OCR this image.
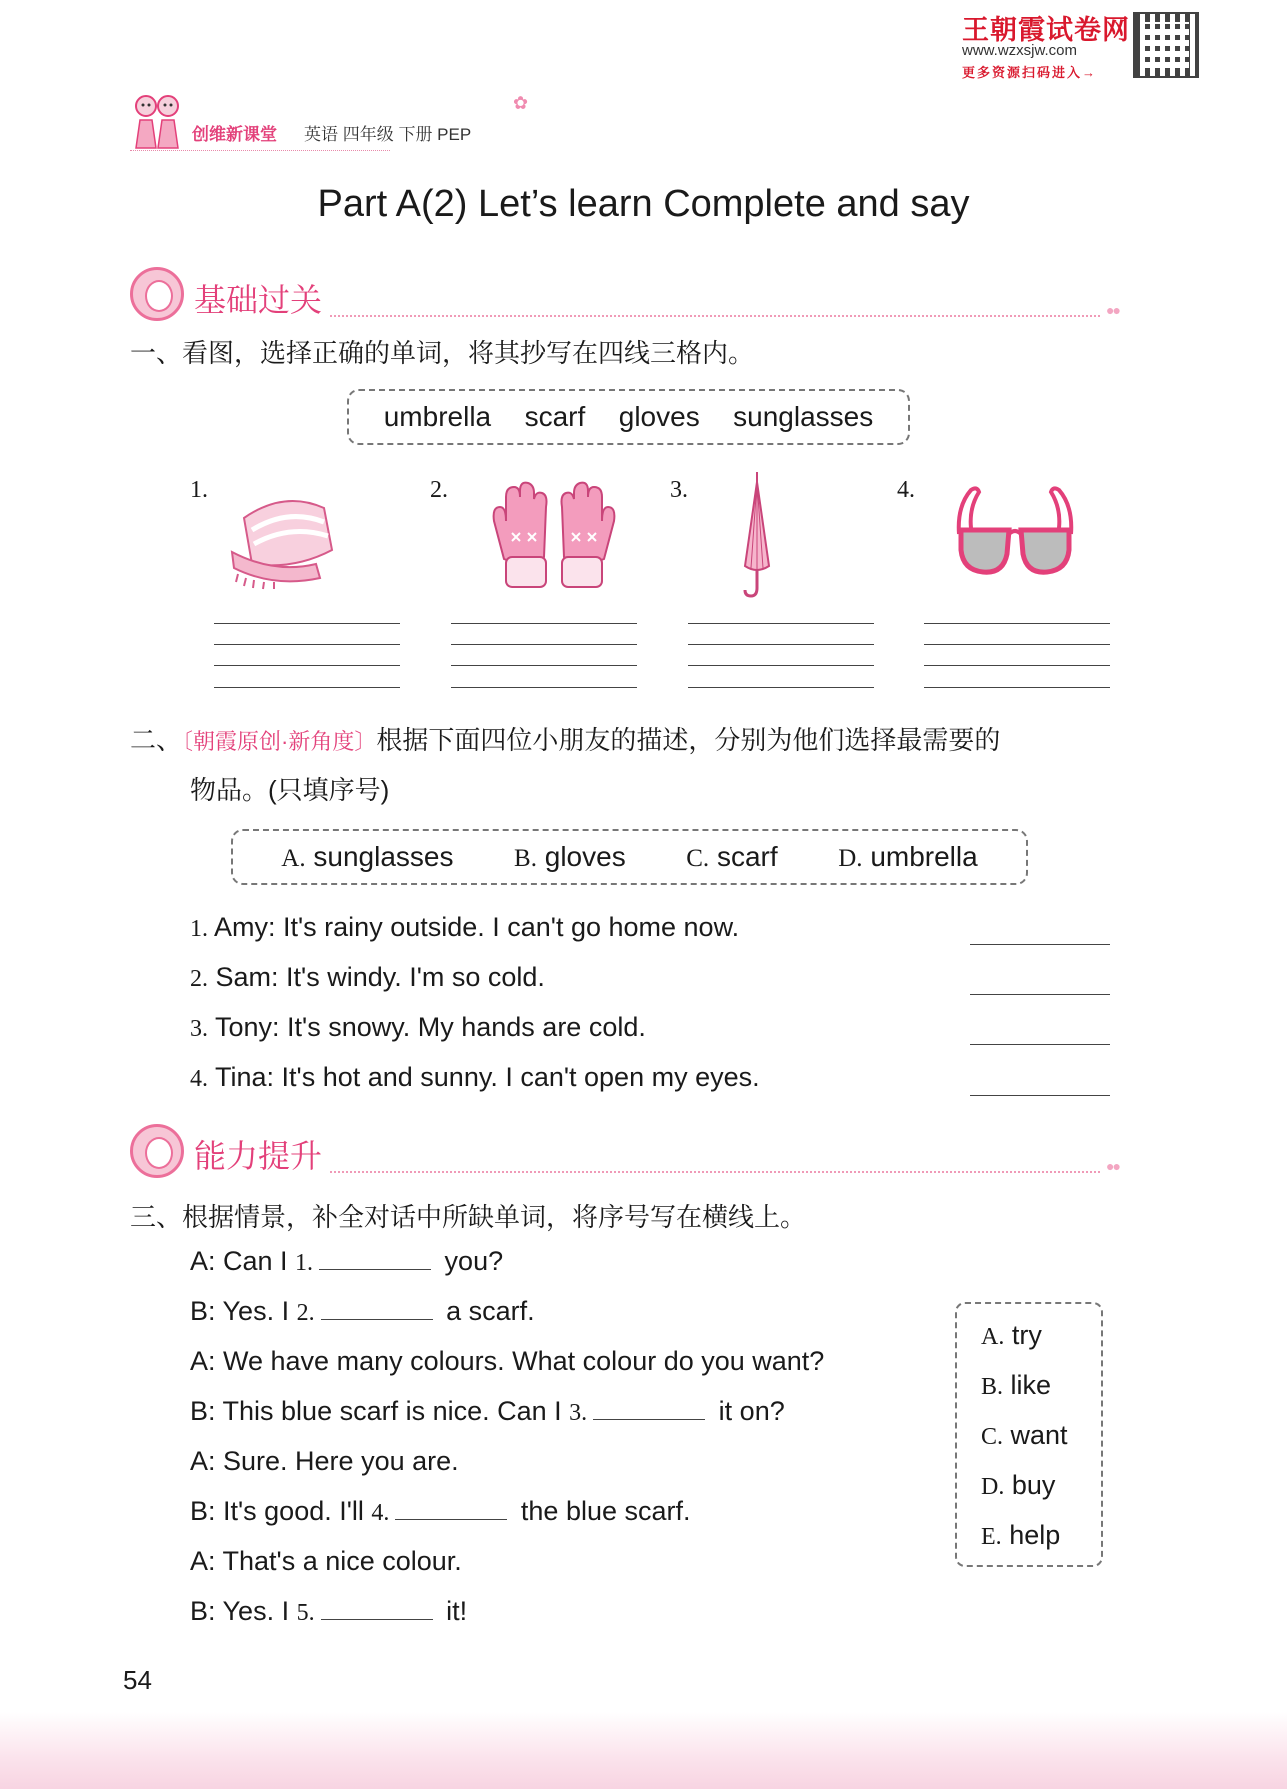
王朝霞试卷网
www.wzxsjw.com
更多资源扫码进入→
创维新课堂 英语 四年级 下册 PEP
✿
Part A(2) Let’s learn Complete and say
基础过关	●●
一、看图，选择正确的单词，将其抄写在四线三格内。
umbrella scarf gloves sunglasses
1.	2.	3.	4.
二、〔朝霞原创·新角度〕根据下面四位小朋友的描述，分别为他们选择最需要的
物品。(只填序号)
A. sunglasses B. gloves C. scarf D. umbrella
1. Amy: It's rainy outside. I can't go home now.
2. Sam: It's windy. I'm so cold.
3. Tony: It's snowy. My hands are cold.
4. Tina: It's hot and sunny. I can't open my eyes.
能力提升	●●
三、根据情景，补全对话中所缺单词，将序号写在横线上。
A: Can I 1.	you?
B: Yes. I 2.	a scarf.
A: We have many colours. What colour do you want?
B: This blue scarf is nice. Can I 3.	it on?
A: Sure. Here you are.
B: It's good. I'll 4.	the blue scarf.
A: That's a nice colour.
B: Yes. I 5.	it!
A. try
B. like
C. want
D. buy
E. help
54
